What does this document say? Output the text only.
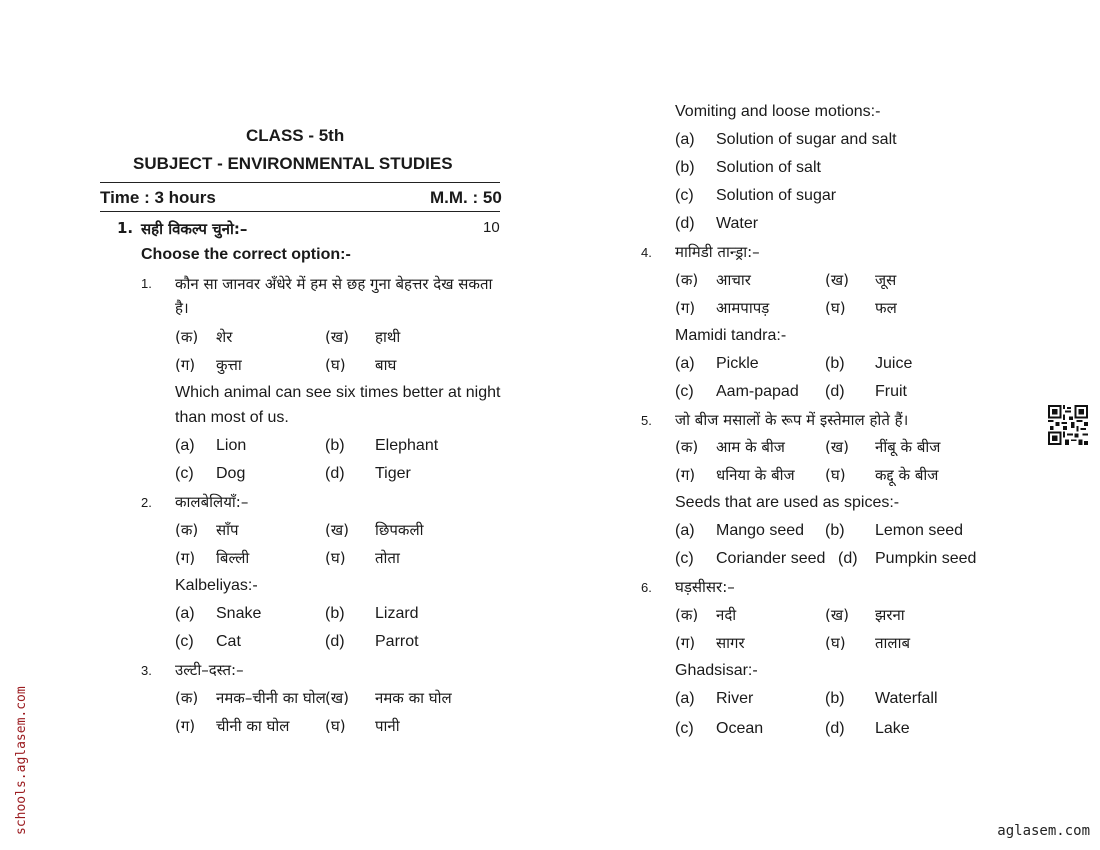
CLASS - 5th
SUBJECT - ENVIRONMENTAL STUDIES
Time : 3 hours	M.M. : 50
1. सही विकल्प चुनो:–	10
Choose the correct option:-
1. कौन सा जानवर अँधेरे में हम से छह गुना बेहत्तर देख सकता
है।
(क) शेर	(ख) हाथी
(ग) कुत्ता	(घ) बाघ
Which animal can see six times better at night
than most of us.
(a) Lion	(b) Elephant
(c) Dog	(d) Tiger
2. कालबेलियाँ:–
(क) साँप	(ख) छिपकली
(ग) बिल्ली	(घ) तोता
Kalbeliyas:-
(a) Snake	(b) Lizard
(c) Cat	(d) Parrot
3. उल्टी–दस्त:–
(क) नमक–चीनी का घोल (ख) नमक का घोल
(ग) चीनी का घोल (घ) पानी
Vomiting and loose motions:-
(a) Solution of sugar and salt
(b) Solution of salt
(c) Solution of sugar
(d) Water
4. मामिडी तान्ड्रा:–
(क) आचार	(ख) जूस
(ग) आमपापड़	(घ) फल
Mamidi tandra:-
(a) Pickle	(b) Juice
(c) Aam-papad (d) Fruit
5. जो बीज मसालों के रूप में इस्तेमाल होते हैं।
(क) आम के बीज	(ख) नींबू के बीज
(ग) धनिया के बीज (घ) कद्दू के बीज
Seeds that are used as spices:-
(a) Mango seed (b) Lemon seed
(c) Coriander seed (d) Pumpkin seed
6. घड़सीसर:–
(क) नदी	(ख) झरना
(ग) सागर	(घ) तालाब
Ghadsisar:-
(a) River	(b) Waterfall
(c) Ocean	(d) Lake
schools.aglasem.com	aglasem.com
